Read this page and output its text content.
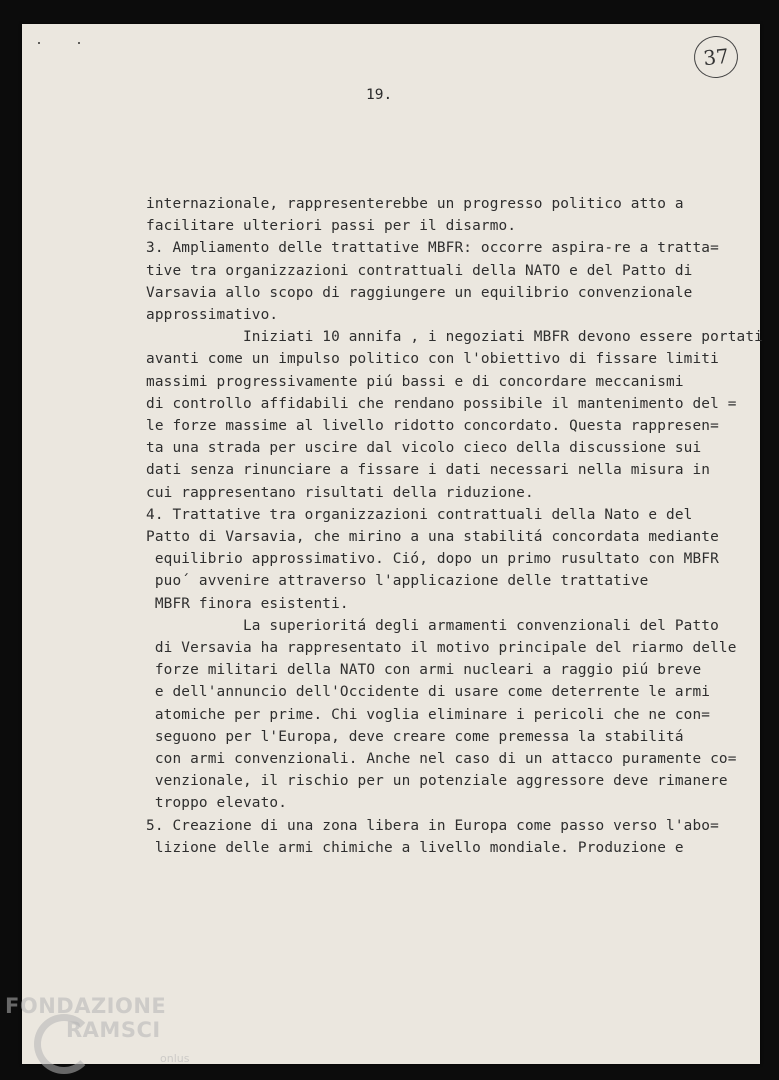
19.
37
internazionale, rappresenterebbe un progresso politico atto a
facilitare ulteriori passi per il disarmo.
3. Ampliamento delle trattative MBFR: occorre aspira-re a tratta=
tive tra organizzazioni contrattuali della NATO e del Patto di
Varsavia allo scopo di raggiungere un equilibrio convenzionale
approssimativo.
Iniziati 10 annifa , i negoziati MBFR devono essere portati
avanti come un impulso politico con l'obiettivo di fissare limiti
massimi progressivamente piú bassi e di concordare meccanismi
di controllo affidabili che rendano possibile il mantenimento del =
le forze massime al livello ridotto concordato. Questa rappresen=
ta una strada per uscire dal vicolo cieco della discussione sui
dati senza rinunciare a fissare i dati necessari nella misura in
cui rappresentano risultati della riduzione.
4. Trattative tra organizzazioni contrattuali della Nato e del
Patto di Varsavia, che mirino a una stabilitá concordata mediante
equilibrio approssimativo. Ció, dopo un primo rusultato con MBFR
puo´ avvenire attraverso l'applicazione delle trattative
MBFR finora esistenti.
La superioritá degli armamenti convenzionali del Patto
di Versavia ha rappresentato il motivo principale del riarmo delle
forze militari della NATO con armi nucleari a raggio piú breve
e dell'annuncio dell'Occidente di usare come deterrente le armi
atomiche per prime. Chi voglia eliminare i pericoli che ne con=
seguono per l'Europa, deve creare come premessa la stabilitá
con armi convenzionali. Anche nel caso di un attacco puramente co=
venzionale, il rischio per un potenziale aggressore deve rimanere
troppo elevato.
5. Creazione di una zona libera in Europa come passo verso l'abo=
lizione delle armi chimiche a livello mondiale. Produzione e
FONDAZIONE
RAMSCI
onlus
